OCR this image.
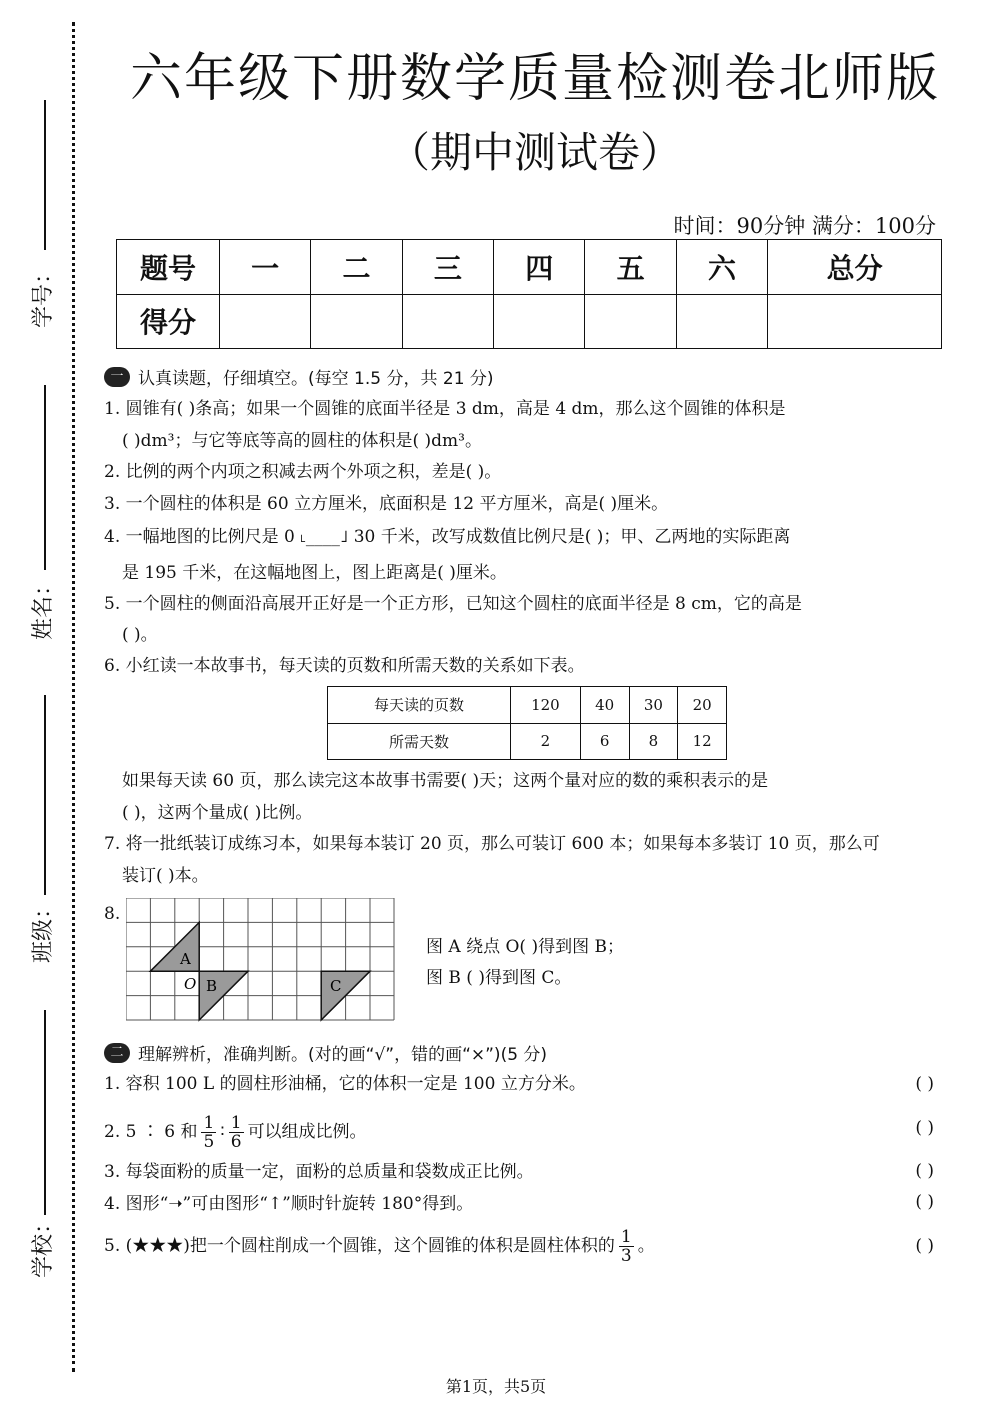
学号：
姓名：
班级：
学校：
六年级下册数学质量检测卷北师版
（期中测试卷）
时间：90分钟 满分：100分
题号	一	二	三	四	五	六	总分
得分							
一 认真读题，仔细填空。(每空 1.5 分，共 21 分)
1. 圆锥有( )条高；如果一个圆锥的底面半径是 3 dm，高是 4 dm，那么这个圆锥的体积是
( )dm³；与它等底等高的圆柱的体积是( )dm³。
2. 比例的两个内项之积减去两个外项之积，差是( )。
3. 一个圆柱的体积是 60 立方厘米，底面积是 12 平方厘米，高是( )厘米。
4. 一幅地图的比例尺是 0 ˪____˩ 30 千米，改写成数值比例尺是( )；甲、乙两地的实际距离
是 195 千米，在这幅地图上，图上距离是( )厘米。
5. 一个圆柱的侧面沿高展开正好是一个正方形，已知这个圆柱的底面半径是 8 cm，它的高是
( )。
6. 小红读一本故事书，每天读的页数和所需天数的关系如下表。
每天读的页数	120	40	30	20
所需天数	2	6	8	12
如果每天读 60 页，那么读完这本故事书需要( )天；这两个量对应的数的乘积表示的是
( )，这两个量成( )比例。
7. 将一批纸装订成练习本，如果每本装订 20 页，那么可装订 600 本；如果每本多装订 10 页，那么可
装订( )本。
8.
A
B	C
O
图 A 绕点 O( )得到图 B；
图 B ( )得到图 C。
二 理解辨析，准确判断。(对的画“√”，错的画“×”)(5 分)
1. 容积 100 L 的圆柱形油桶，它的体积一定是 100 立方分米。	( )
2. 5 ∶ 6 和 $\frac{1}{5}$ ∶ $\frac{1}{6}$ 可以组成比例。	( )
3. 每袋面粉的质量一定，面粉的总质量和袋数成正比例。	( )
4. 图形“➝”可由图形“↑”顺时针旋转 180°得到。	( )
5. (★★★)把一个圆柱削成一个圆锥，这个圆锥的体积是圆柱体积的 $\frac{1}{3}$ 。	( )
第1页，共5页
